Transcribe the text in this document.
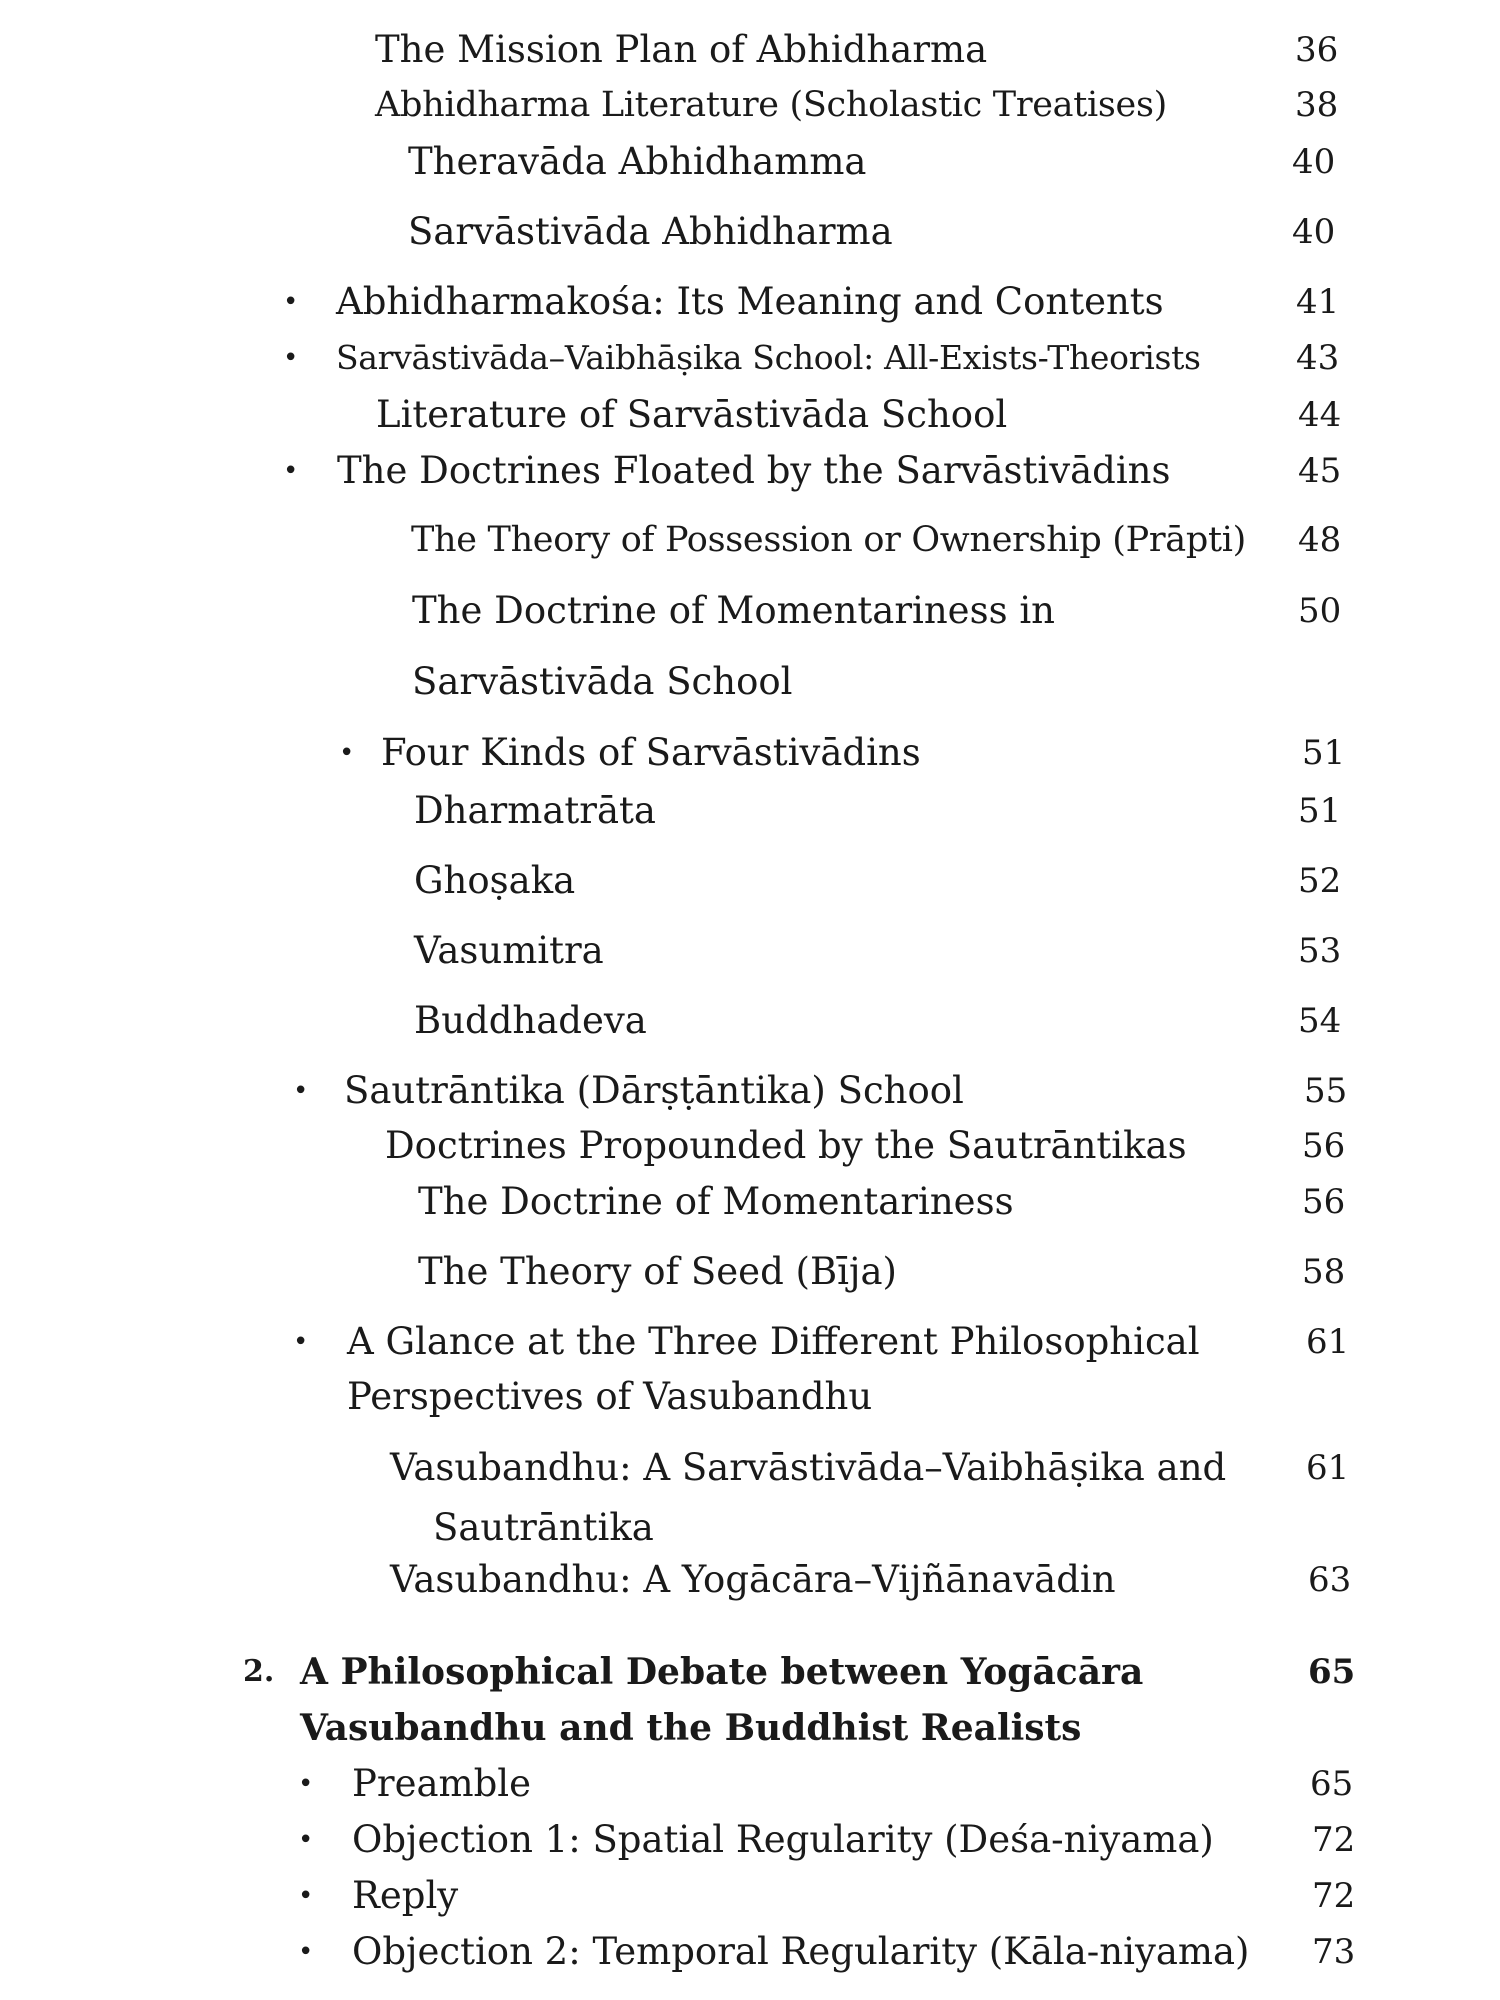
The Mission Plan of Abhidharma	36
Abhidharma Literature (Scholastic Treatises)	38
Theravāda Abhidhamma	40
Sarvāstivāda Abhidharma	40
• Abhidharmakośa: Its Meaning and Contents	41
• Sarvāstivāda–Vaibhāṣika School: All-Exists-Theorists	43
Literature of Sarvāstivāda School	44
• The Doctrines Floated by the Sarvāstivādins	45
The Theory of Possession or Ownership (Prāpti) 48
The Doctrine of Momentariness in	50
Sarvāstivāda School
• Four Kinds of Sarvāstivādins	51
Dharmatrāta	51
Ghoṣaka	52
Vasumitra	53
Buddhadeva	54
• Sautrāntika (Dārṣṭāntika) School	55
Doctrines Propounded by the Sautrāntikas	56
The Doctrine of Momentariness	56
The Theory of Seed (Bīja)	58
• A Glance at the Three Different Philosophical	61
Perspectives of Vasubandhu
Vasubandhu: A Sarvāstivāda–Vaibhāṣika and 61
Sautrāntika
Vasubandhu: A Yogācāra–Vijñānavādin	63
2. A Philosophical Debate between Yogācāra	65
Vasubandhu and the Buddhist Realists
• Preamble	65
• Objection 1: Spatial Regularity (Deśa-niyama)	72
• Reply	72
• Objection 2: Temporal Regularity (Kāla-niyama) 73
